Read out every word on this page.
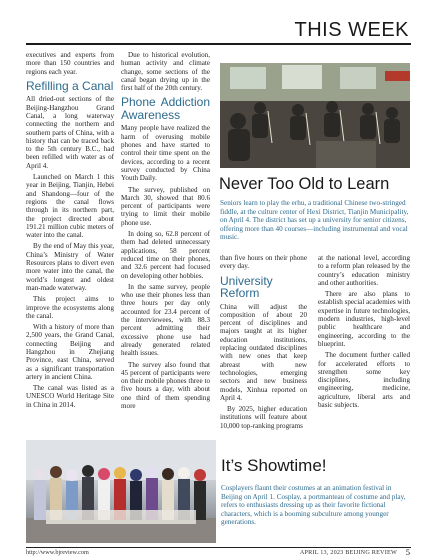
THIS WEEK

executives and experts from more than 150 countries and regions each year.

Refilling a Canal

All dried-out sections of the Beijing-Hangzhou Grand Canal, a long waterway connecting the northern and southern parts of China, with a history that can be traced back to the 5th century B.C., had been refilled with water as of April 4.

Launched on March 1 this year in Beijing, Tianjin, Hebei and Shandong—four of the regions the canal flows through in its northern part, the project directed about 191.21 million cubic meters of water into the canal.

By the end of May this year, China’s Ministry of Water Resources plans to divert even more water into the canal, the world’s longest and oldest man-made waterway.

This project aims to improve the ecosystems along the canal.

With a history of more than 2,500 years, the Grand Canal, connecting Beijing and Hangzhou in Zhejiang Province, east China, served as a significant transportation artery in ancient China.

The canal was listed as a UNESCO World Heritage Site in China in 2014.

Due to historical evolution, human activity and climate change, some sections of the canal began drying up in the first half of the 20th century.

Phone Addiction Awareness

Many people have realized the harm of overusing mobile phones and have started to control their time spent on the devices, according to a recent survey conducted by China Youth Daily.

The survey, published on March 30, showed that 80.6 percent of participants were trying to limit their mobile phone use.

In doing so, 62.8 percent of them had deleted unnecessary applications, 58 percent reduced time on their phones, and 32.6 percent had focused on developing other hobbies.

In the same survey, people who use their phones less than three hours per day only accounted for 23.4 percent of the interviewees, with 88.3 percent admitting their excessive phone use had already generated related health issues.

The survey also found that 45 percent of participants were on their mobile phones three to five hours a day, with about one third of them spending more

Never Too Old to Learn
Seniors learn to play the erhu, a traditional Chinese two-stringed fiddle, at the culture center of Hexi District, Tianjin Municipality, on April 4. The district has set up a university for senior citizens, offering more than 40 courses—including instrumental and vocal music.

than five hours on their phone every day.

University Reform

China will adjust the composition of about 20 percent of disciplines and majors taught at its higher education institutions, replacing outdated disciplines with new ones that keep abreast with new technologies, emerging sectors and new business models, Xinhua reported on April 4.

By 2025, higher education institutions will feature about 10,000 top-ranking programs

at the national level, according to a reform plan released by the country’s education ministry and other authorities.

There are also plans to establish special academies with expertise in future technologies, modern industries, high-level public healthcare and engineering, according to the blueprint.

The document further called for accelerated efforts to strengthen some key disciplines, including engineering, medicine, agriculture, liberal arts and basic subjects.

It’s Showtime!
Cosplayers flaunt their costumes at an animation festival in Beijing on April 1. Cosplay, a portmanteau of costume and play, refers to enthusiasts dressing up as their favorite fictional characters, which is a booming subculture among younger generations.
http://www.bjreview.com	APRIL 13, 2023 BEIJING REVIEW 5
